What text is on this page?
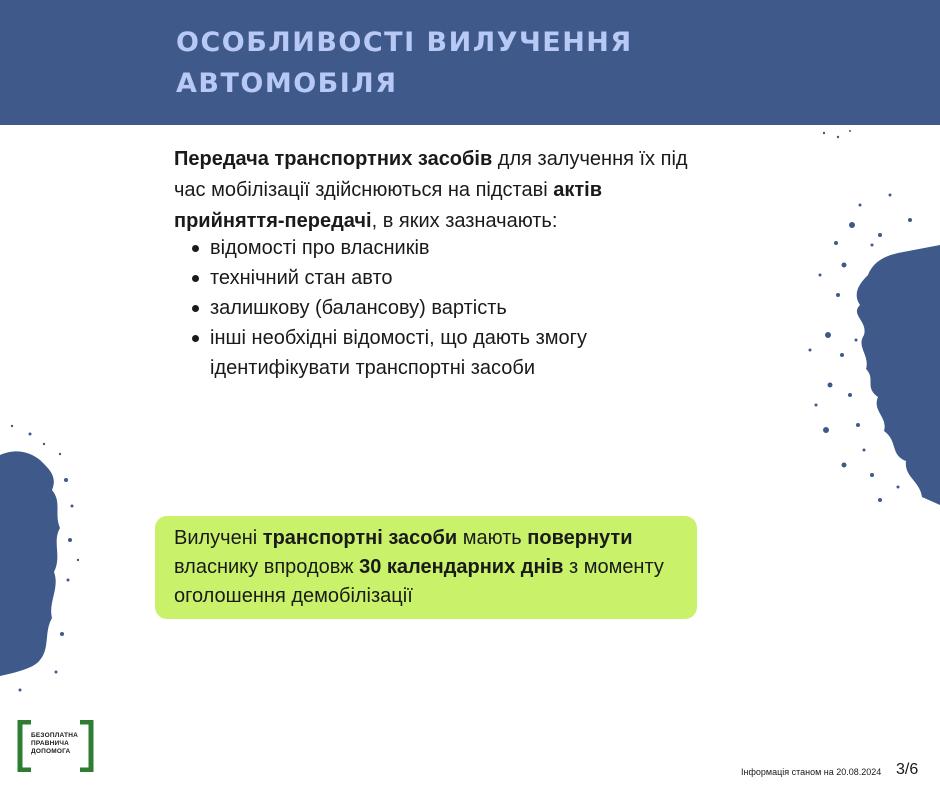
ОСОБЛИВОСТІ ВИЛУЧЕННЯ АВТОМОБІЛЯ

Передача транспортних засобів для залучення їх під час мобілізації здійснюються на підставі актів прийняття-передачі, в яких зазначають:

відомості про власників
технічний стан авто
залишкову (балансову) вартість
інші необхідні відомості, що дають змогу ідентифікувати транспортні засоби
Вилучені транспортні засоби мають повернути власнику впродовж 30 календарних днів з моменту оголошення демобілізації
БЕЗОПЛАТНА
ПРАВНИЧА
ДОПОМОГА
Інформація станом на 20.08.2024 3/6
